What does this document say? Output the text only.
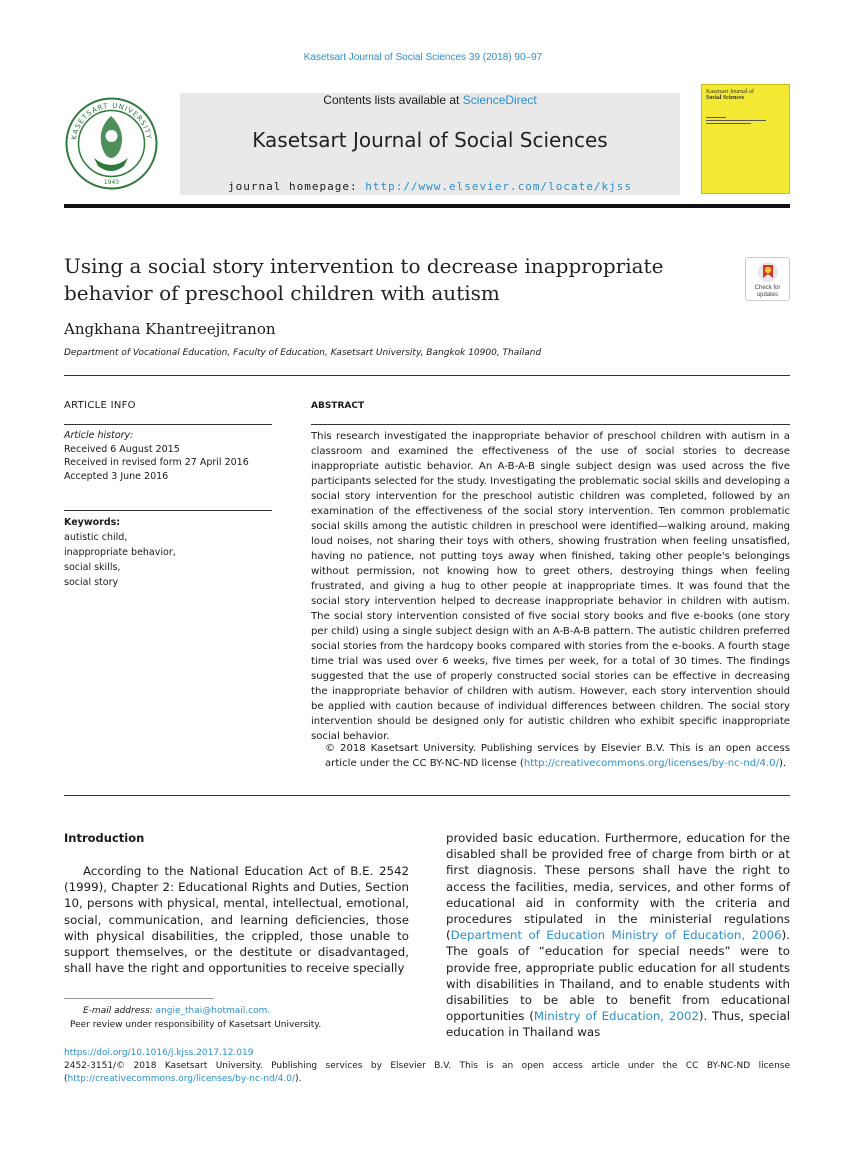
Kasetsart Journal of Social Sciences 39 (2018) 90–97
KASETSART UNIVERSITY
1943
Contents lists available at ScienceDirect
Kasetsart Journal of Social Sciences
journal homepage: http://www.elsevier.com/locate/kjss
Kasetsart Journal of
Social Sciences
Using a social story intervention to decrease inappropriate behavior of preschool children with autism	Check for updates
Angkhana Khantreejitranon
Department of Vocational Education, Faculty of Education, Kasetsart University, Bangkok 10900, Thailand
ARTICLE INFO
Article history:
Received 6 August 2015
Received in revised form 27 April 2016
Accepted 3 June 2016
Keywords:
autistic child,
inappropriate behavior,
social skills,
social story
ABSTRACT
This research investigated the inappropriate behavior of preschool children with autism in a classroom and examined the effectiveness of the use of social stories to decrease inappropriate autistic behavior. An A-B-A-B single subject design was used across the five participants selected for the study. Investigating the problematic social skills and developing a social story intervention for the preschool autistic children was completed, followed by an examination of the effectiveness of the social story intervention. Ten common problematic social skills among the autistic children in preschool were identified—walking around, making loud noises, not sharing their toys with others, showing frustration when feeling unsatisfied, having no patience, not putting toys away when finished, taking other people's belongings without permission, not knowing how to greet others, destroying things when feeling frustrated, and giving a hug to other people at inappropriate times. It was found that the social story intervention helped to decrease inappropriate behavior in children with autism. The social story intervention consisted of five social story books and five e-books (one story per child) using a single subject design with an A-B-A-B pattern. The autistic children preferred social stories from the hardcopy books compared with stories from the e-books. A fourth stage time trial was used over 6 weeks, five times per week, for a total of 30 times. The findings suggested that the use of properly constructed social stories can be effective in decreasing the inappropriate behavior of children with autism. However, each story intervention should be applied with caution because of individual differences between children. The social story intervention should be designed only for autistic children who exhibit specific inappropriate social behavior.
© 2018 Kasetsart University. Publishing services by Elsevier B.V. This is an open access article under the CC BY-NC-ND license (http://creativecommons.org/licenses/by-nc-nd/4.0/).
Introduction
According to the National Education Act of B.E. 2542 (1999), Chapter 2: Educational Rights and Duties, Section 10, persons with physical, mental, intellectual, emotional, social, communication, and learning deficiencies, those with physical disabilities, the crippled, those unable to support themselves, or the destitute or disadvantaged, shall have the right and opportunities to receive specially
provided basic education. Furthermore, education for the disabled shall be provided free of charge from birth or at first diagnosis. These persons shall have the right to access the facilities, media, services, and other forms of educational aid in conformity with the criteria and procedures stipulated in the ministerial regulations (Department of Education Ministry of Education, 2006). The goals of “education for special needs” were to provide free, appropriate public education for all students with disabilities in Thailand, and to enable students with disabilities to be able to benefit from educational opportunities (Ministry of Education, 2002). Thus, special education in Thailand was
E-mail address: angie_thai@hotmail.com.
Peer review under responsibility of Kasetsart University.
https://doi.org/10.1016/j.kjss.2017.12.019
2452-3151/© 2018 Kasetsart University. Publishing services by Elsevier B.V. This is an open access article under the CC BY-NC-ND license (http://creativecommons.org/licenses/by-nc-nd/4.0/).
